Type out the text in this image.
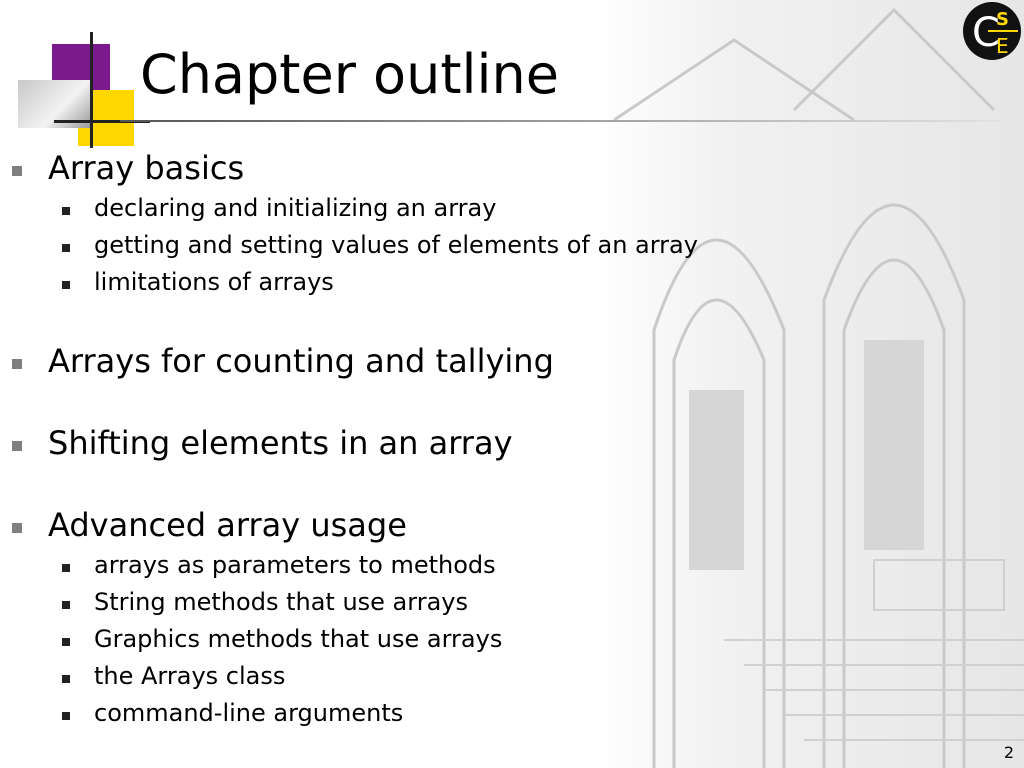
Chapter outline
C
S
E
Array basics
declaring and initializing an array
getting and setting values of elements of an array
limitations of arrays
Arrays for counting and tallying
Shifting elements in an array
Advanced array usage
arrays as parameters to methods
String methods that use arrays
Graphics methods that use arrays
the Arrays class
command-line arguments
2
